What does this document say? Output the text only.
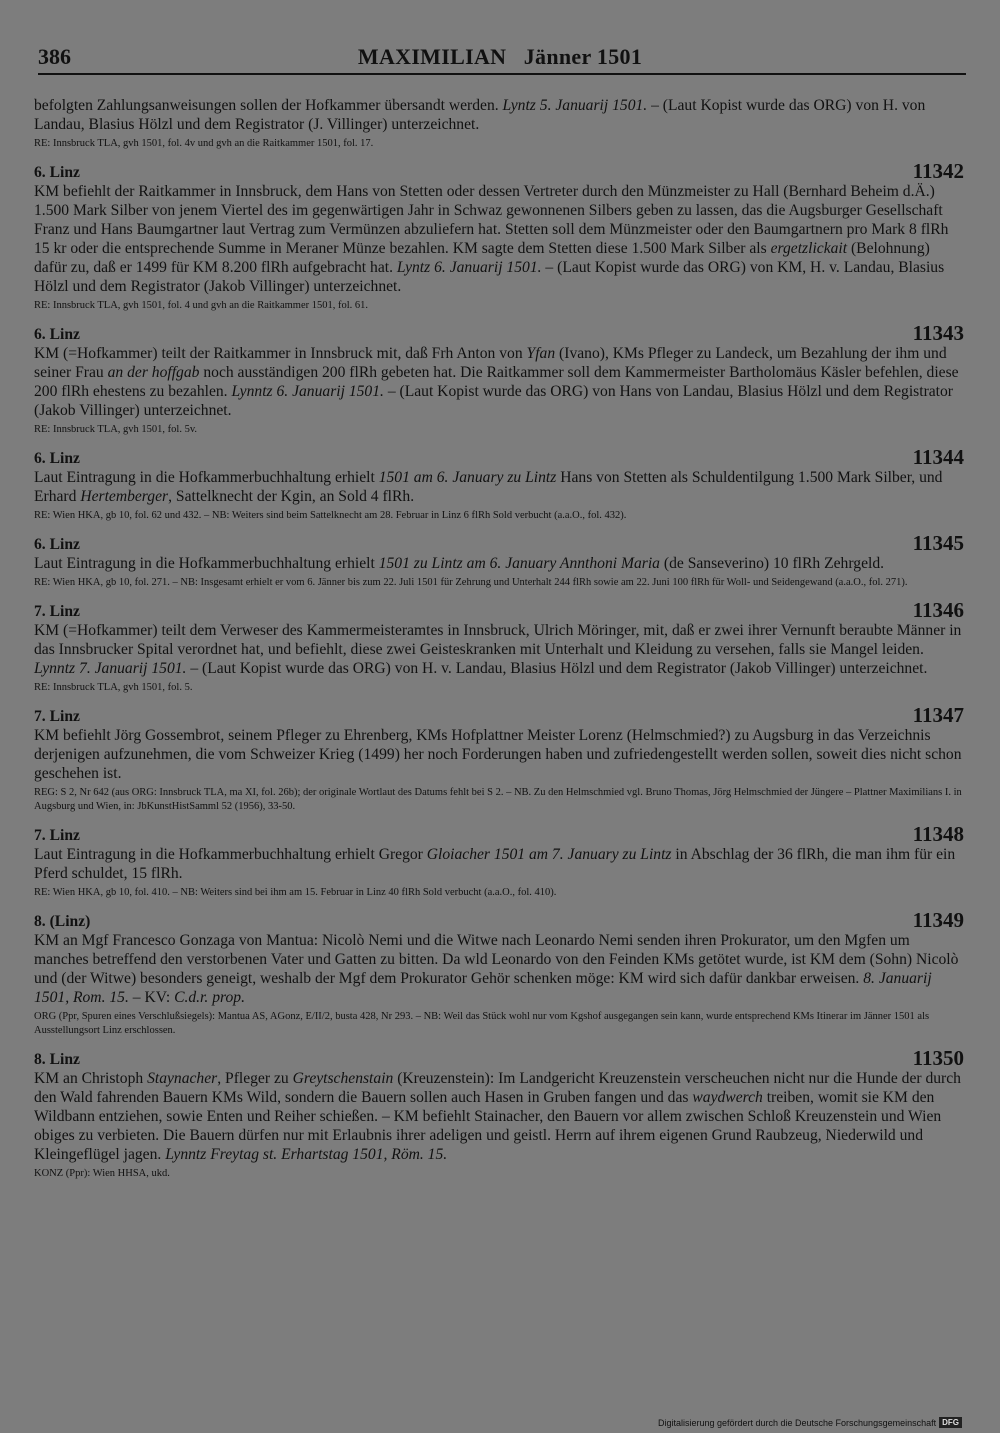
386	MAXIMILIAN   Jänner 1501

befolgten Zahlungsanweisungen sollen der Hofkammer übersandt werden. Lyntz 5. Januarij 1501. – (Laut Kopist wurde das ORG) von H. von Landau, Blasius Hölzl und dem Registrator (J. Villinger) unterzeichnet.

RE: Innsbruck TLA, gvh 1501, fol. 4v und gvh an die Raitkammer 1501, fol. 17.

6. Linz	11342

KM befiehlt der Raitkammer in Innsbruck, dem Hans von Stetten oder dessen Vertreter durch den Münzmeister zu Hall (Bernhard Beheim d.Ä.) 1.500 Mark Silber von jenem Viertel des im gegenwärtigen Jahr in Schwaz gewonnenen Silbers geben zu lassen, das die Augsburger Gesellschaft Franz und Hans Baumgartner laut Vertrag zum Vermünzen abzuliefern hat. Stetten soll dem Münzmeister oder den Baumgartnern pro Mark 8 flRh 15 kr oder die entsprechende Summe in Meraner Münze bezahlen. KM sagte dem Stetten diese 1.500 Mark Silber als ergetzlickait (Belohnung) dafür zu, daß er 1499 für KM 8.200 flRh aufgebracht hat. Lyntz 6. Januarij 1501. – (Laut Kopist wurde das ORG) von KM, H. v. Landau, Blasius Hölzl und dem Registrator (Jakob Villinger) unterzeichnet.

RE: Innsbruck TLA, gvh 1501, fol. 4 und gvh an die Raitkammer 1501, fol. 61.

6. Linz	11343

KM (=Hofkammer) teilt der Raitkammer in Innsbruck mit, daß Frh Anton von Yfan (Ivano), KMs Pfleger zu Landeck, um Bezahlung der ihm und seiner Frau an der hoffgab noch ausständigen 200 flRh gebeten hat. Die Raitkammer soll dem Kammermeister Bartholomäus Käsler befehlen, diese 200 flRh ehestens zu bezahlen. Lynntz 6. Januarij 1501. – (Laut Kopist wurde das ORG) von Hans von Landau, Blasius Hölzl und dem Registrator (Jakob Villinger) unterzeichnet.

RE: Innsbruck TLA, gvh 1501, fol. 5v.

6. Linz	11344

Laut Eintragung in die Hofkammerbuchhaltung erhielt 1501 am 6. January zu Lintz Hans von Stetten als Schuldentilgung 1.500 Mark Silber, und Erhard Hertemberger, Sattelknecht der Kgin, an Sold 4 flRh.

RE: Wien HKA, gb 10, fol. 62 und 432. – NB: Weiters sind beim Sattelknecht am 28. Februar in Linz 6 flRh Sold verbucht (a.a.O., fol. 432).

6. Linz	11345

Laut Eintragung in die Hofkammerbuchhaltung erhielt 1501 zu Lintz am 6. January Annthoni Maria (de Sanseverino) 10 flRh Zehrgeld.

RE: Wien HKA, gb 10, fol. 271. – NB: Insgesamt erhielt er vom 6. Jänner bis zum 22. Juli 1501 für Zehrung und Unterhalt 244 flRh sowie am 22. Juni 100 flRh für Woll- und Seidengewand (a.a.O., fol. 271).

7. Linz	11346

KM (=Hofkammer) teilt dem Verweser des Kammermeisteramtes in Innsbruck, Ulrich Möringer, mit, daß er zwei ihrer Vernunft beraubte Männer in das Innsbrucker Spital verordnet hat, und befiehlt, diese zwei Geisteskranken mit Unterhalt und Kleidung zu versehen, falls sie Mangel leiden. Lynntz 7. Januarij 1501. – (Laut Kopist wurde das ORG) von H. v. Landau, Blasius Hölzl und dem Registrator (Jakob Villinger) unterzeichnet.

RE: Innsbruck TLA, gvh 1501, fol. 5.

7. Linz	11347

KM befiehlt Jörg Gossembrot, seinem Pfleger zu Ehrenberg, KMs Hofplattner Meister Lorenz (Helmschmied?) zu Augsburg in das Verzeichnis derjenigen aufzunehmen, die vom Schweizer Krieg (1499) her noch Forderungen haben und zufriedengestellt werden sollen, soweit dies nicht schon geschehen ist.

REG: S 2, Nr 642 (aus ORG: Innsbruck TLA, ma XI, fol. 26b); der originale Wortlaut des Datums fehlt bei S 2. – NB. Zu den Helmschmied vgl. Bruno Thomas, Jörg Helmschmied der Jüngere – Plattner Maximilians I. in Augsburg und Wien, in: JbKunstHistSamml 52 (1956), 33-50.

7. Linz	11348

Laut Eintragung in die Hofkammerbuchhaltung erhielt Gregor Gloiacher 1501 am 7. January zu Lintz in Abschlag der 36 flRh, die man ihm für ein Pferd schuldet, 15 flRh.

RE: Wien HKA, gb 10, fol. 410. – NB: Weiters sind bei ihm am 15. Februar in Linz 40 flRh Sold verbucht (a.a.O., fol. 410).

8. (Linz)	11349

KM an Mgf Francesco Gonzaga von Mantua: Nicolò Nemi und die Witwe nach Leonardo Nemi senden ihren Prokurator, um den Mgfen um manches betreffend den verstorbenen Vater und Gatten zu bitten. Da wld Leonardo von den Feinden KMs getötet wurde, ist KM dem (Sohn) Nicolò und (der Witwe) besonders geneigt, weshalb der Mgf dem Prokurator Gehör schenken möge: KM wird sich dafür dankbar erweisen. 8. Januarij 1501, Rom. 15. – KV: C.d.r. prop.

ORG (Ppr, Spuren eines Verschlußsiegels): Mantua AS, AGonz, E/II/2, busta 428, Nr 293. – NB: Weil das Stück wohl nur vom Kgshof ausgegangen sein kann, wurde entsprechend KMs Itinerar im Jänner 1501 als Ausstellungsort Linz erschlossen.

8. Linz	11350

KM an Christoph Staynacher, Pfleger zu Greytschenstain (Kreuzenstein): Im Landgericht Kreuzenstein verscheuchen nicht nur die Hunde der durch den Wald fahrenden Bauern KMs Wild, sondern die Bauern sollen auch Hasen in Gruben fangen und das waydwerch treiben, womit sie KM den Wildbann entziehen, sowie Enten und Reiher schießen. – KM befiehlt Stainacher, den Bauern vor allem zwischen Schloß Kreuzenstein und Wien obiges zu verbieten. Die Bauern dürfen nur mit Erlaubnis ihrer adeligen und geistl. Herrn auf ihrem eigenen Grund Raubzeug, Niederwild und Kleingeflügel jagen. Lynntz Freytag st. Erhartstag 1501, Röm. 15.

KONZ (Ppr): Wien HHSA, ukd.

Digitalisierung gefördert durch die Deutsche Forschungsgemeinschaft DFG
